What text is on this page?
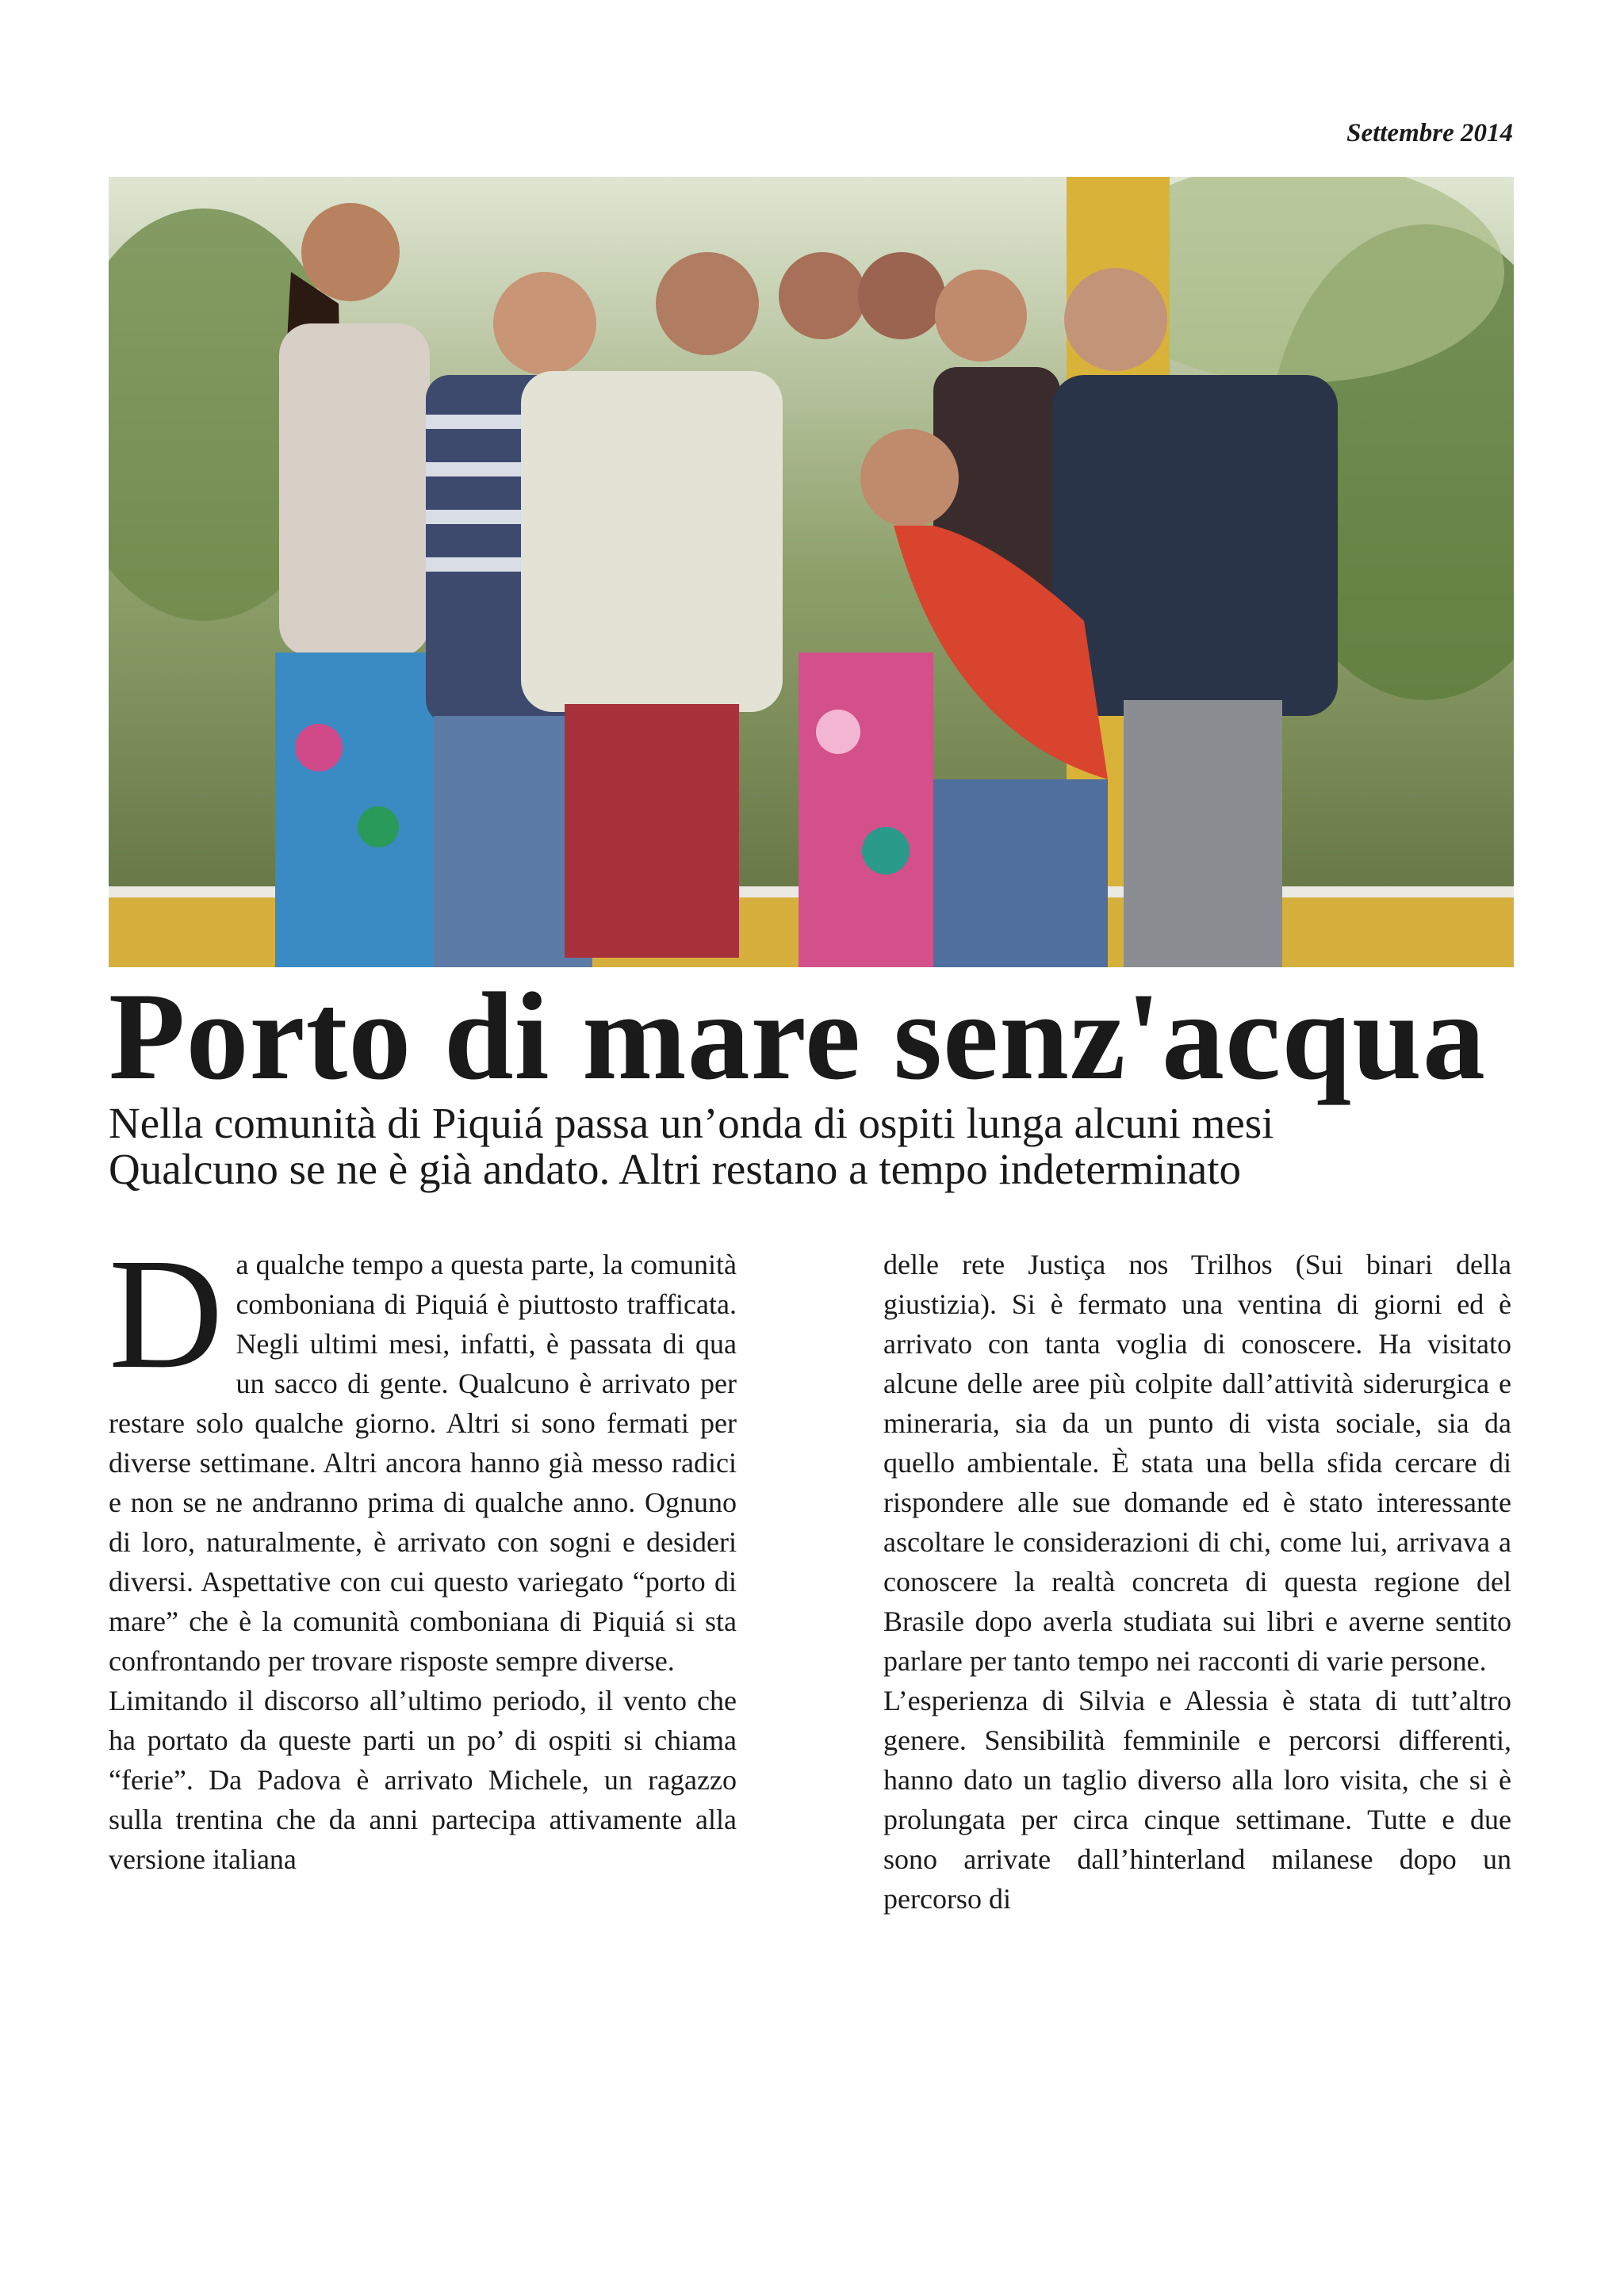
Settembre 2014
Porto di mare senz'acqua
Nella comunità di Piquiá passa un’onda di ospiti lunga alcuni mesi
Qualcuno se ne è già andato. Altri restano a tempo indeterminato

Da qualche tempo a questa parte, la comunità comboniana di Piquiá è piuttosto trafficata. Negli ultimi mesi, infatti, è passata di qua un sacco di gente. Qualcuno è arrivato per restare solo qualche giorno. Altri si sono fermati per diverse settimane. Altri ancora hanno già messo radici e non se ne andranno prima di qualche anno. Ognuno di loro, naturalmente, è arrivato con sogni e desideri diversi. Aspettative con cui questo variegato “porto di mare” che è la comunità comboniana di Piquiá si sta confrontando per trovare risposte sempre diverse.

Limitando il discorso all’ultimo periodo, il vento che ha portato da queste parti un po’ di ospiti si chiama “ferie”. Da Padova è arrivato Michele, un ragazzo sulla trentina che da anni partecipa attivamente alla versione italiana

delle rete Justiça nos Trilhos (Sui binari della giustizia). Si è fermato una ventina di giorni ed è arrivato con tanta voglia di conoscere. Ha visitato alcune delle aree più colpite dall’attività siderurgica e mineraria, sia da un punto di vista sociale, sia da quello ambientale. È stata una bella sfida cercare di rispondere alle sue domande ed è stato interessante ascoltare le considerazioni di chi, come lui, arrivava a conoscere la realtà concreta di questa regione del Brasile dopo averla studiata sui libri e averne sentito parlare per tanto tempo nei racconti di varie persone.

L’esperienza di Silvia e Alessia è stata di tutt’altro genere. Sensibilità femminile e percorsi differenti, hanno dato un taglio diverso alla loro visita, che si è prolungata per circa cinque settimane. Tutte e due sono arrivate dall’hinterland milanese dopo un percorso di
